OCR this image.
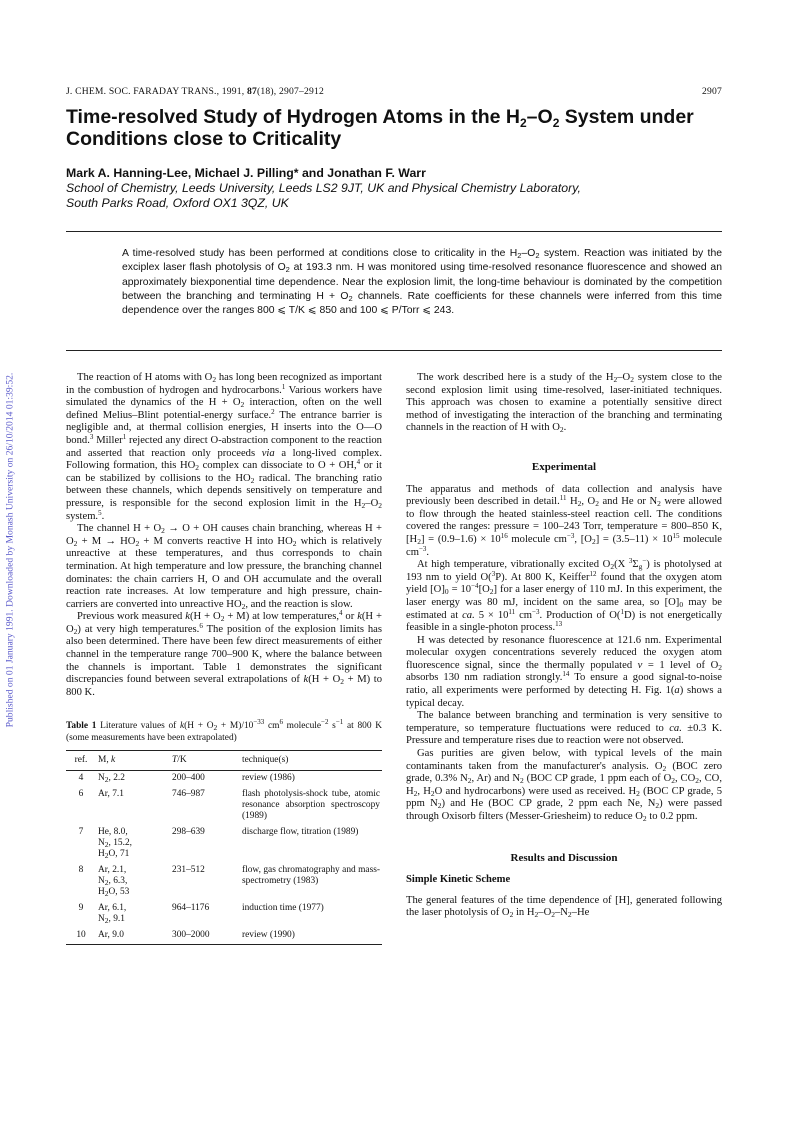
Published on 01 January 1991. Downloaded by Monash University on 26/10/2014 01:39:52.
J. CHEM. SOC. FARADAY TRANS., 1991, 87(18), 2907–2912	2907
Time-resolved Study of Hydrogen Atoms in the $H_2-O_2$ System under Conditions close to Criticality
Mark A. Hanning-Lee, Michael J. Pilling* and Jonathan F. Warr
School of Chemistry, Leeds University, Leeds LS2 9JT, UK and Physical Chemistry Laboratory,
South Parks Road, Oxford OX1 3QZ, UK
A time-resolved study has been performed at conditions close to criticality in the $H_2-O_2$ system. Reaction was initiated by the exciplex laser flash photolysis of $O_2$ at 193.3 nm. H was monitored using time-resolved resonance fluorescence and showed an approximately biexponential time dependence. Near the explosion limit, the long-time behaviour is dominated by the competition between the branching and terminating $H + O_2$ channels. Rate coefficients for these channels were inferred from this time dependence over the ranges 800 ⩽ T/K ⩽ 850 and 100 ⩽ P/Torr ⩽ 243.

The reaction of H atoms with $O_2$ has long been recognized as important in the combustion of hydrogen and hydrocarbons.$^1$ Various workers have simulated the dynamics of the $H + O_2$ interaction, often on the well defined Melius–Blint potential-energy surface.$^2$ The entrance barrier is negligible and, at thermal collision energies, H inserts into the O—O bond.$^3$ Miller$^1$ rejected any direct O-abstraction component to the reaction and asserted that reaction only proceeds via a long-lived complex. Following formation, this $HO_2$ complex can dissociate to O + OH,$^4$ or it can be stabilized by collisions to the $HO_2$ radical. The branching ratio between these channels, which depends sensitively on temperature and pressure, is responsible for the second explosion limit in the $H_2-O_2$ system.$^5$.

The channel $H + O_2 \to O$ + OH causes chain branching, whereas $H + O_2 + M \to HO_2 + M$ converts reactive H into $HO_2$ which is relatively unreactive at these temperatures, and thus corresponds to chain termination. At high temperature and low pressure, the branching channel dominates: the chain carriers H, O and OH accumulate and the overall reaction rate increases. At low temperature and high pressure, chain-carriers are converted into unreactive $HO_2$, and the reaction is slow.

Previous work measured $k(H + O_2 + M)$ at low temperatures,$^4$ or $k(H + O_2)$ at very high temperatures.$^6$ The position of the explosion limits has also been determined. There have been few direct measurements of either channel in the temperature range 700–900 K, where the balance between the channels is important. Table 1 demonstrates the significant discrepancies found between several extrapolations of $k(H + O_2 + M)$ to 800 K.

Table 1 Literature values of $k(H + O_2 + M)/10^{-33}$ $cm^6$ molecule$^{-2}$ $s^{-1}$ at 800 K (some measurements have been extrapolated)
ref.	M, k	T/K	technique(s)
4	$N_2$, 2.2	200–400	review (1986)
6	Ar, 7.1	746–987	flash photolysis-shock tube, atomic resonance absorption spectroscopy (1989)
7	He, 8.0,
$N_2$, 15.2,
$H_2O$, 71	298–639	discharge flow, titration (1989)
8	Ar, 2.1,
$N_2$, 6.3,
$H_2O$, 53	231–512	flow, gas chromatography and mass-spectrometry (1983)
9	Ar, 6.1,
$N_2$, 9.1	964–1176	induction time (1977)
10	Ar, 9.0	300–2000	review (1990)

The work described here is a study of the $H_2-O_2$ system close to the second explosion limit using time-resolved, laser-initiated techniques. This approach was chosen to examine a potentially sensitive direct method of investigating the interaction of the branching and terminating channels in the reaction of H with $O_2$.

Experimental

The apparatus and methods of data collection and analysis have previously been described in detail.$^{11}$ $H_2$, $O_2$ and He or $N_2$ were allowed to flow through the heated stainless-steel reaction cell. The conditions covered the ranges: pressure = 100–243 Torr, temperature = 800–850 K, $[H_2] = (0.9-1.6) \times 10^{16}$ molecule $cm^{-3}$, $[O_2] = (3.5-11) \times 10^{15}$ molecule $cm^{-3}$.

At high temperature, vibrationally excited $O_2(X$ $^3\Sigma_g^-$) is photolysed at 193 nm to yield O($^3$P). At 800 K, Keiffer$^{12}$ found that the oxygen atom yield $[O]_0 = 10^{-4}[O_2]$ for a laser energy of 110 mJ. In this experiment, the laser energy was 80 mJ, incident on the same area, so $[O]_0$ may be estimated at ca. $5 \times 10^{11}$ $cm^{-3}$. Production of O($^1$D) is not energetically feasible in a single-photon process.$^{13}$

H was detected by resonance fluorescence at 121.6 nm. Experimental molecular oxygen concentrations severely reduced the oxygen atom fluorescence signal, since the thermally populated v = 1 level of $O_2$ absorbs 130 nm radiation strongly.$^{14}$ To ensure a good signal-to-noise ratio, all experiments were performed by detecting H. Fig. 1(a) shows a typical decay.

The balance between branching and termination is very sensitive to temperature, so temperature fluctuations were reduced to ca. ±0.3 K. Pressure and temperature rises due to reaction were not observed.

Gas purities are given below, with typical levels of the main contaminants taken from the manufacturer's analysis. $O_2$ (BOC zero grade, 0.3% $N_2$, Ar) and $N_2$ (BOC CP grade, 1 ppm each of $O_2$, $CO_2$, CO, $H_2$, $H_2O$ and hydrocarbons) were used as received. $H_2$ (BOC CP grade, 5 ppm $N_2$) and He (BOC CP grade, 2 ppm each Ne, $N_2$) were passed through Oxisorb filters (Messer-Griesheim) to reduce $O_2$ to 0.2 ppm.

Results and Discussion
Simple Kinetic Scheme

The general features of the time dependence of [H], generated following the laser photolysis of $O_2$ in $H_2-O_2-N_2-He$
